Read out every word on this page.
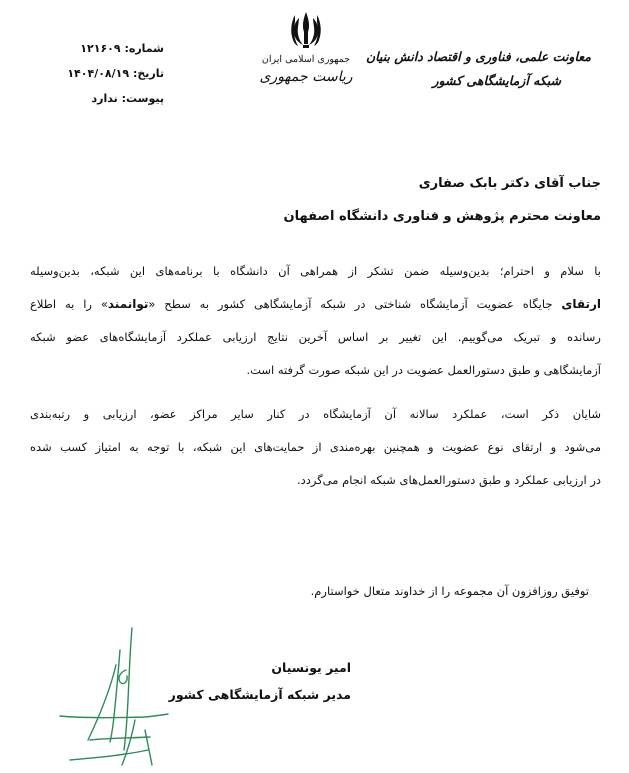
معاونت علمی، فناوری و اقتصاد دانش بنیان
شبکه آزمایشگاهی کشور
جمهوری اسلامی ایران
ریاست جمهوری
شماره: ۱۲۱۶۰۹
تاریخ: ۱۴۰۴/۰۸/۱۹
پیوست: ندارد
جناب آقای دکتر بابک صفاری
معاونت محترم پژوهش و فناوری دانشگاه اصفهان
با سلام و احترام؛ بدین‌وسیله ضمن تشکر از همراهی آن دانشگاه با برنامه‌های این شبکه، بدین‌وسیله
ارتقای جایگاه عضویت آزمایشگاه شناختی در شبکه آزمایشگاهی کشور به سطح «توانمند» را به اطلاع
رسانده و تبریک می‌گوییم. این تغییر بر اساس آخرین نتایج ارزیابی عملکرد آزمایشگاه‌های عضو شبکه
آزمایشگاهی و طبق دستورالعمل عضویت در این شبکه صورت گرفته است.
شایان ذکر است، عملکرد سالانه آن آزمایشگاه در کنار سایر مراکز عضو، ارزیابی و رتبه‌بندی
می‌شود و ارتقای نوع عضویت و همچنین بهره‌مندی از حمایت‌های این شبکه، با توجه به امتیاز کسب شده
در ارزیابی عملکرد و طبق دستورالعمل‌های شبکه انجام می‌گردد.
توفیق روزافزون آن مجموعه را از خداوند متعال خواستارم.
امیر یونسیان
مدیر شبکه آزمایشگاهی کشور
